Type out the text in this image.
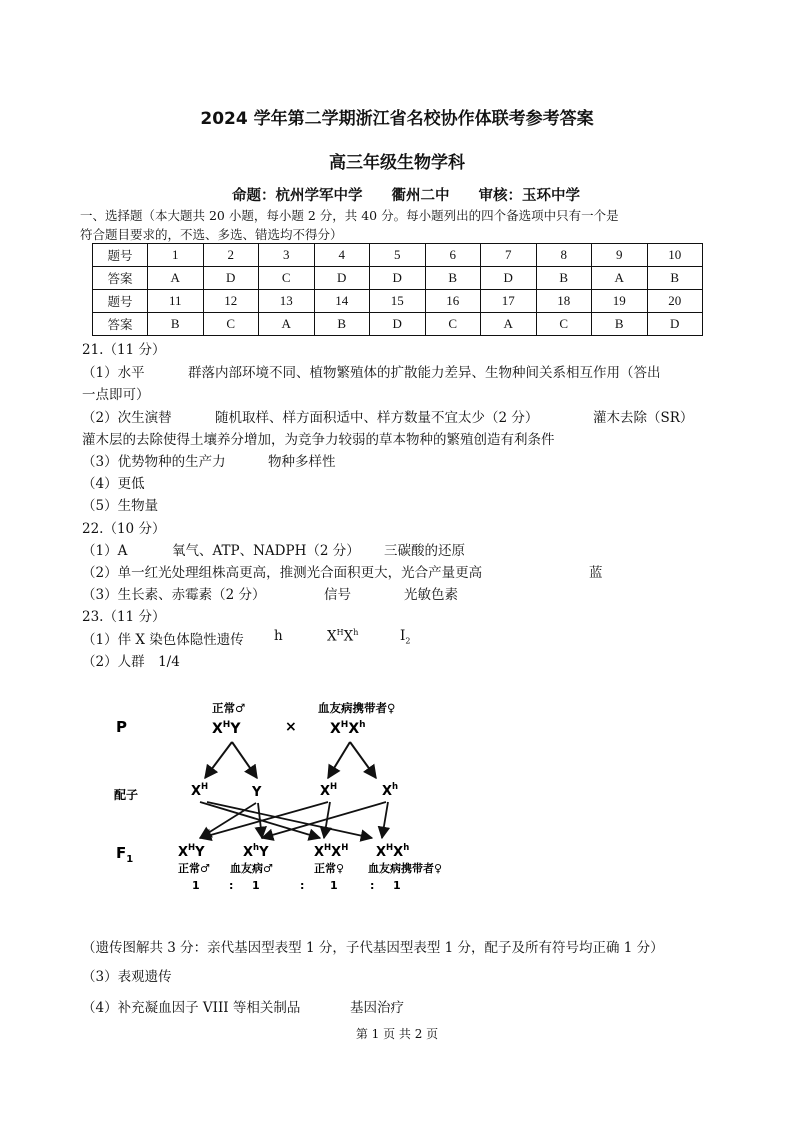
2024 学年第二学期浙江省名校协作体联考参考答案
高三年级生物学科
命题：杭州学军中学　　衢州二中　　审核：玉环中学
一、选择题（本大题共 20 小题，每小题 2 分，共 40 分。每小题列出的四个备选项中只有一个是
符合题目要求的，不选、多选、错选均不得分）
题号	1	2	3	4	5	6	7	8	9	10
答案	A	D	C	D	D	B	D	B	A	B
题号	11	12	13	14	15	16	17	18	19	20
答案	B	C	A	B	D	C	A	C	B	D
21.（11 分）
（1）水平	群落内部环境不同、植物繁殖体的扩散能力差异、生物种间关系相互作用（答出
一点即可）
（2）次生演替	随机取样、样方面积适中、样方数量不宜太少（2 分）	灌木去除（SR）
灌木层的去除使得土壤养分增加，为竞争力较弱的草本物种的繁殖创造有利条件
（3）优势物种的生产力	物种多样性
（4）更低
（5）生物量
22.（10 分）
（1）A	氧气、ATP、NADPH（2 分） 三碳酸的还原
（2）单一红光处理组株高更高，推测光合面积更大，光合产量更高	蓝
（3）生长素、赤霉素（2 分）	信号	光敏色素
23.（11 分）
（1）伴 X 染色体隐性遗传 h	$X^HX^h$	$I_2$
（2）人群　1/4
P
配子
$F_1$
正常♂
$X^HY$	×
血友病携带者♀
$X^HX^h$
$X^H$	Y	$X^H$	$X^h$
$X^HY$	$X^hY$	$X^HX^H$ $X^HX^h$
正常♂ 血友病♂	正常♀ 血友病携带者♀
1	: 1	: 1	: 1
（遗传图解共 3 分：亲代基因型表型 1 分，子代基因型表型 1 分，配子及所有符号均正确 1 分）
（3）表观遗传
（4）补充凝血因子 VIII 等相关制品	基因治疗
第 1 页 共 2 页
